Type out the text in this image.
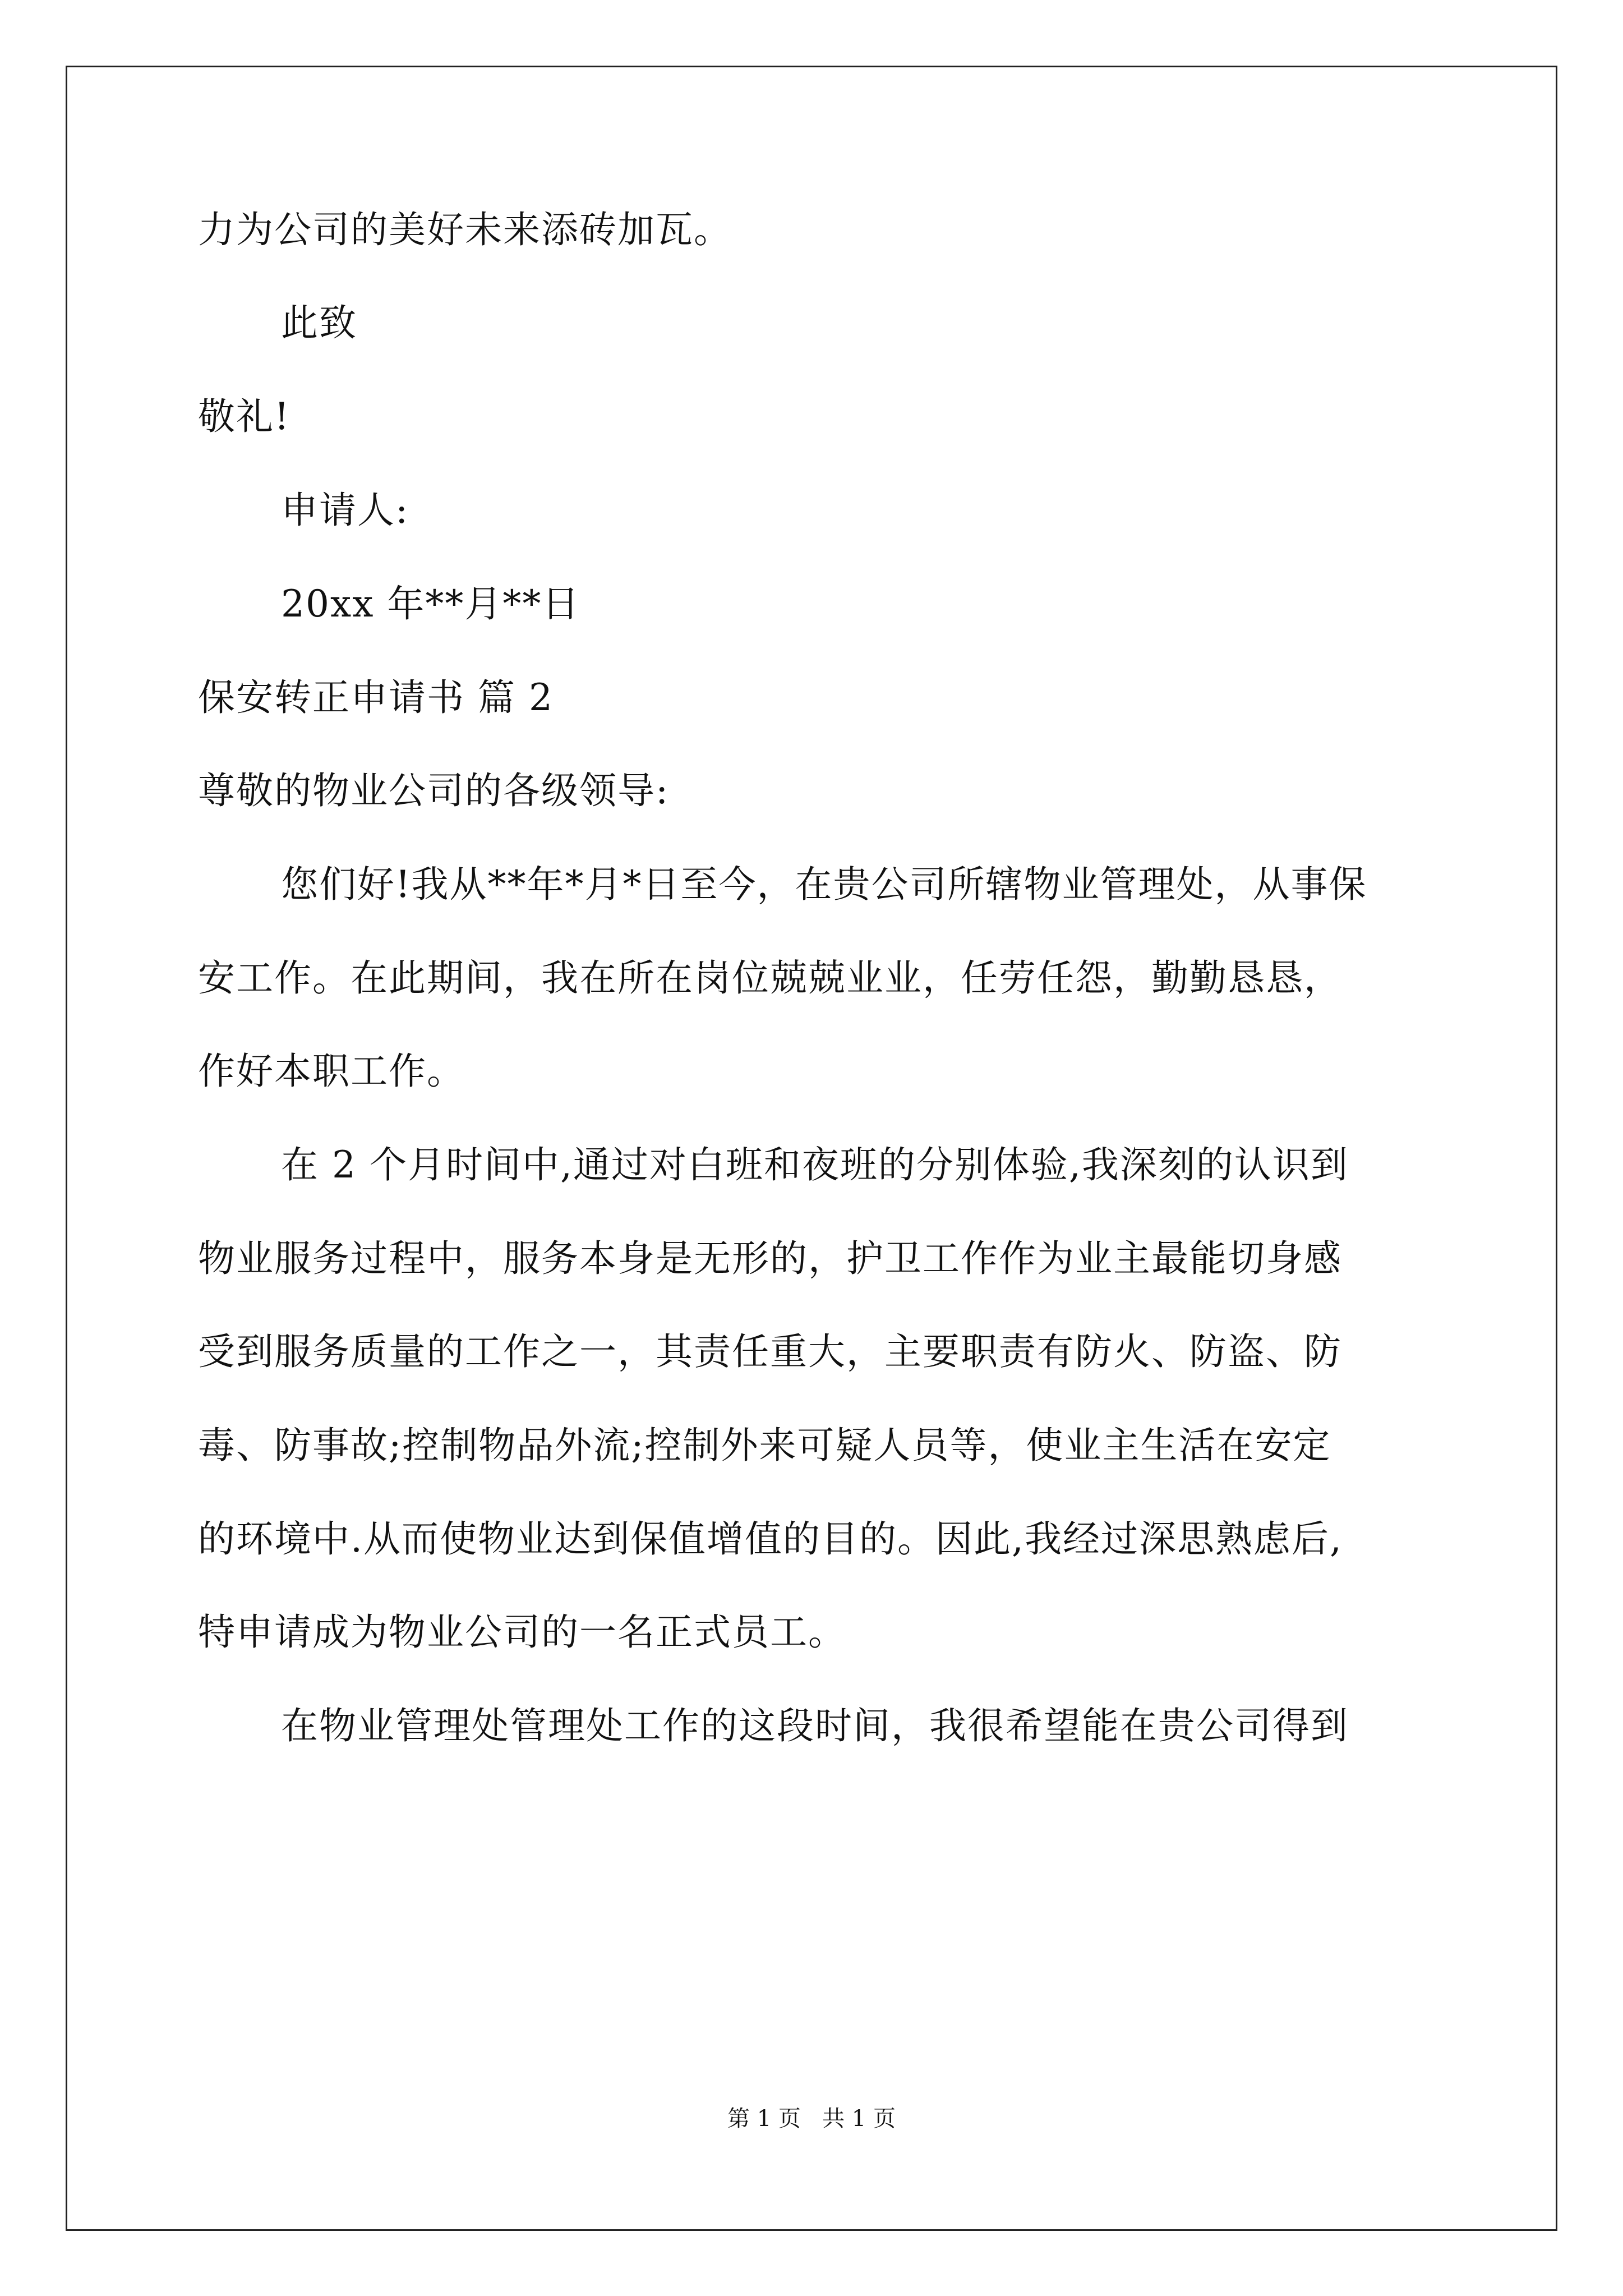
力为公司的美好未来添砖加瓦。
此致
敬礼!
申请人:
20xx 年**月**日
保安转正申请书 篇 2
尊敬的物业公司的各级领导:
您们好!我从**年*月*日至今，在贵公司所辖物业管理处，从事保
安工作。在此期间，我在所在岗位兢兢业业，任劳任怨，勤勤恳恳，
作好本职工作。
在 2 个月时间中,通过对白班和夜班的分别体验,我深刻的认识到
物业服务过程中，服务本身是无形的，护卫工作作为业主最能切身感
受到服务质量的工作之一，其责任重大，主要职责有防火、防盗、防
毒、防事故;控制物品外流;控制外来可疑人员等，使业主生活在安定
的环境中.从而使物业达到保值增值的目的。因此,我经过深思熟虑后,
特申请成为物业公司的一名正式员工。
在物业管理处管理处工作的这段时间，我很希望能在贵公司得到
第 1 页   共 1 页
